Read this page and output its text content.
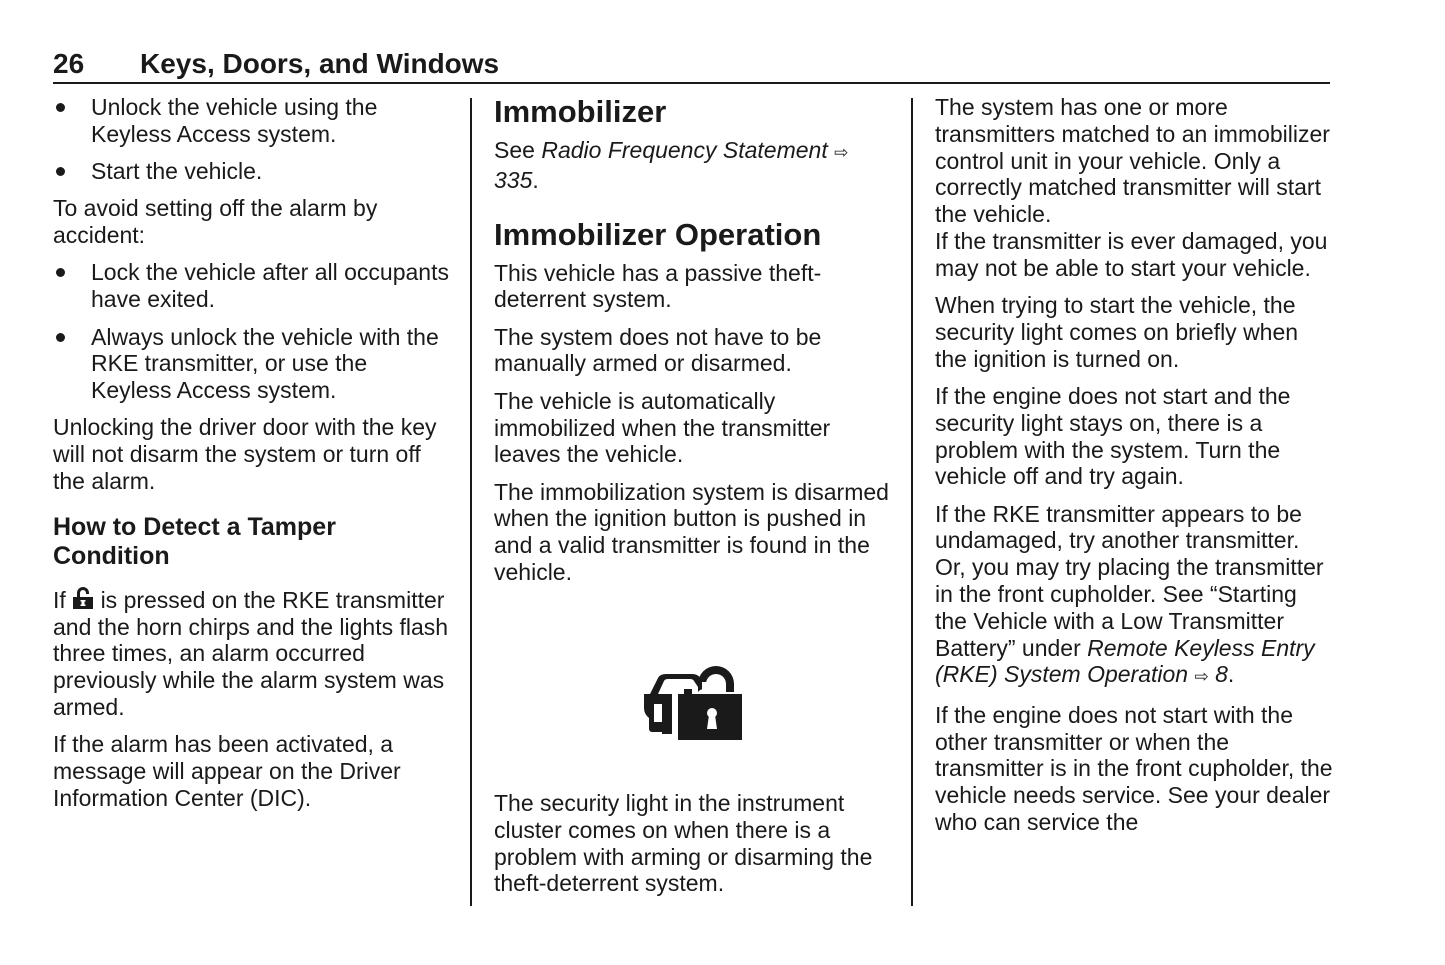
26 Keys, Doors, and Windows
Unlock the vehicle using the Keyless Access system.
Start the vehicle.

To avoid setting off the alarm by accident:

Lock the vehicle after all occupants have exited.
Always unlock the vehicle with the RKE transmitter, or use the Keyless Access system.

Unlocking the driver door with the key will not disarm the system or turn off the alarm.

How to Detect a Tamper Condition

If is pressed on the RKE transmitter and the horn chirps and the lights flash three times, an alarm occurred previously while the alarm system was armed.

If the alarm has been activated, a message will appear on the Driver Information Center (DIC).

Immobilizer

See Radio Frequency Statement ⇨ 335.

Immobilizer Operation

This vehicle has a passive theft-deterrent system.

The system does not have to be manually armed or disarmed.

The vehicle is automatically immobilized when the transmitter leaves the vehicle.

The immobilization system is disarmed when the ignition button is pushed in and a valid transmitter is found in the vehicle.

The security light in the instrument cluster comes on when there is a problem with arming or disarming the theft-deterrent system.

The system has one or more transmitters matched to an immobilizer control unit in your vehicle. Only a correctly matched transmitter will start the vehicle.

If the transmitter is ever damaged, you may not be able to start your vehicle.

When trying to start the vehicle, the security light comes on briefly when the ignition is turned on.

If the engine does not start and the security light stays on, there is a problem with the system. Turn the vehicle off and try again.

If the RKE transmitter appears to be undamaged, try another transmitter. Or, you may try placing the transmitter in the front cupholder. See “Starting the Vehicle with a Low Transmitter Battery” under Remote Keyless Entry (RKE) System Operation ⇨ 8.

If the engine does not start with the other transmitter or when the transmitter is in the front cupholder, the vehicle needs service. See your dealer who can service the
